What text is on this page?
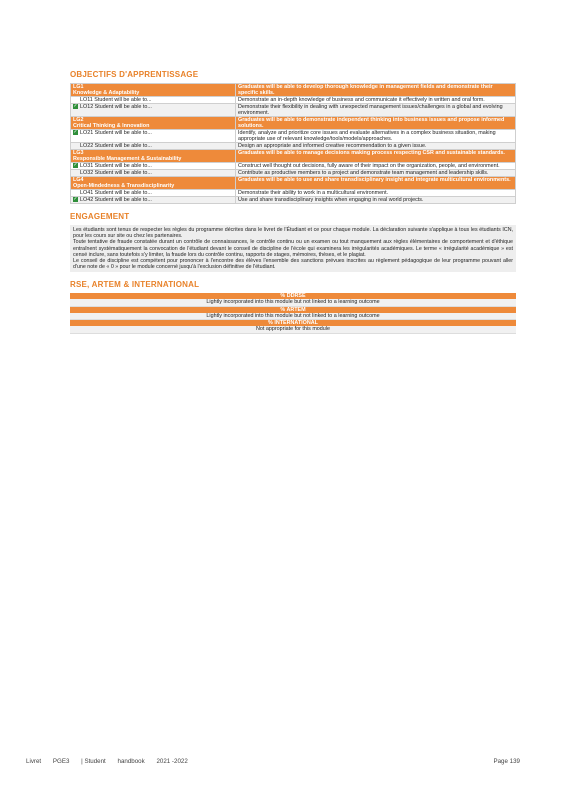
OBJECTIFS D'APPRENTISSAGE
LG1
Knowledge & Adaptability	Graduates will be able to develop thorough knowledge in management fields and demonstrate their specific skills.
LO11 Student will be able to...	Demonstrate an in-depth knowledge of business and communicate it effectively in written and oral form.
✓ LO12 Student will be able to...	Demonstrate their flexibility in dealing with unexpected management issues/challenges in a global and evolving environment.

LG2
Critical Thinking & Innovation	Graduates will be able to demonstrate independent thinking into business issues and propose informed solutions.
✓ LO21 Student will be able to...	Identify, analyze and prioritize core issues and evaluate alternatives in a complex business situation, making appropriate use of relevant knowledge/tools/models/approaches.
LO22 Student will be able to...	Design an appropriate and informed creative recommendation to a given issue.

LG3
Responsible Management & Sustainability	Graduates will be able to manage decisions making process respecting CSR and sustainable standards.
✓ LO31 Student will be able to...	Construct well thought out decisions, fully aware of their impact on the organization, people, and environment.
LO32 Student will be able to...	Contribute as productive members to a project and demonstrate team management and leadership skills.

LG4
Open-Mindedness & Transdisciplinarity	Graduates will be able to use and share transdisciplinary insight and integrate multicultural environments.
LO41 Student will be able to...	Demonstrate their ability to work in a multicultural environment.
✓ LO42 Student will be able to...	Use and share transdisciplinary insights when engaging in real world projects.
ENGAGEMENT

Les étudiants sont tenus de respecter les règles du programme décrites dans le livret de l'Étudiant et ce pour chaque module. La déclaration suivante s'applique à tous les étudiants ICN, pour les cours sur site ou chez les partenaires.

Toute tentative de fraude constatée durant un contrôle de connaissances, le contrôle continu ou un examen ou tout manquement aux règles élémentaires de comportement et d'éthique entraînent systématiquement la convocation de l'étudiant devant le conseil de discipline de l'école qui examinera les irrégularités académiques. Le terme « irrégularité académique » est censé inclure, sans toutefois s'y limiter, la fraude lors du contrôle continu, rapports de stages, mémoires, thèses, et le plagiat.

Le conseil de discipline est compétent pour prononcer à l'encontre des élèves l'ensemble des sanctions prévues inscrites au règlement pédagogique de leur programme pouvant aller d'une note de « 0 » pour le module concerné jusqu'à l'exclusion définitive de l'étudiant.

RSE, ARTEM & INTERNATIONAL
% DDRSE
Lightly incorporated into this module but not linked to a learning outcome
% ARTEM
Lightly incorporated into this module but not linked to a learning outcome
% INTERNATIONAL
Not appropriate for this module
Livret PGE3 | Student handbook 2021 -2022	Page 139
